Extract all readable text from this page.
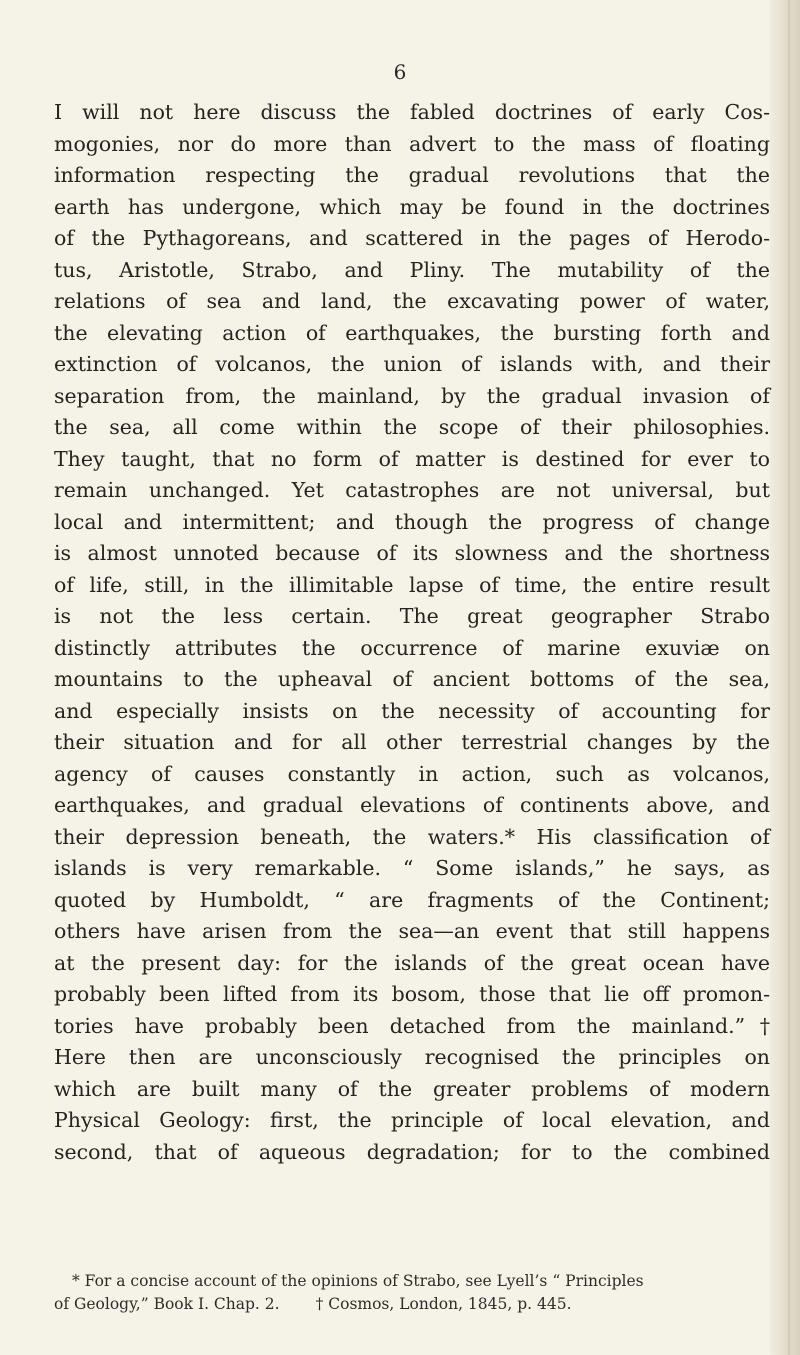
6
I will not here discuss the fabled doctrines of early Cos-
mogonies, nor do more than advert to the mass of floating
information respecting the gradual revolutions that the
earth has undergone, which may be found in the doctrines
of the Pythagoreans, and scattered in the pages of Herodo-
tus, Aristotle, Strabo, and Pliny. The mutability of the
relations of sea and land, the excavating power of water,
the elevating action of earthquakes, the bursting forth and
extinction of volcanos, the union of islands with, and their
separation from, the mainland, by the gradual invasion of
the sea, all come within the scope of their philosophies.
They taught, that no form of matter is destined for ever to
remain unchanged. Yet catastrophes are not universal, but
local and intermittent; and though the progress of change
is almost unnoted because of its slowness and the shortness
of life, still, in the illimitable lapse of time, the entire result
is not the less certain. The great geographer Strabo
distinctly attributes the occurrence of marine exuviæ on
mountains to the upheaval of ancient bottoms of the sea,
and especially insists on the necessity of accounting for
their situation and for all other terrestrial changes by the
agency of causes constantly in action, such as volcanos,
earthquakes, and gradual elevations of continents above, and
their depression beneath, the waters.* His classification of
islands is very remarkable. “ Some islands,” he says, as
quoted by Humboldt, “ are fragments of the Continent;
others have arisen from the sea—an event that still happens
at the present day: for the islands of the great ocean have
probably been lifted from its bosom, those that lie off promon-
tories have probably been detached from the mainland.”†
Here then are unconsciously recognised the principles on
which are built many of the greater problems of modern
Physical Geology: first, the principle of local elevation, and
second, that of aqueous degradation; for to the combined
* For a concise account of the opinions of Strabo, see Lyell’s “ Principles
of Geology,” Book I. Chap. 2. † Cosmos, London, 1845, p. 445.
